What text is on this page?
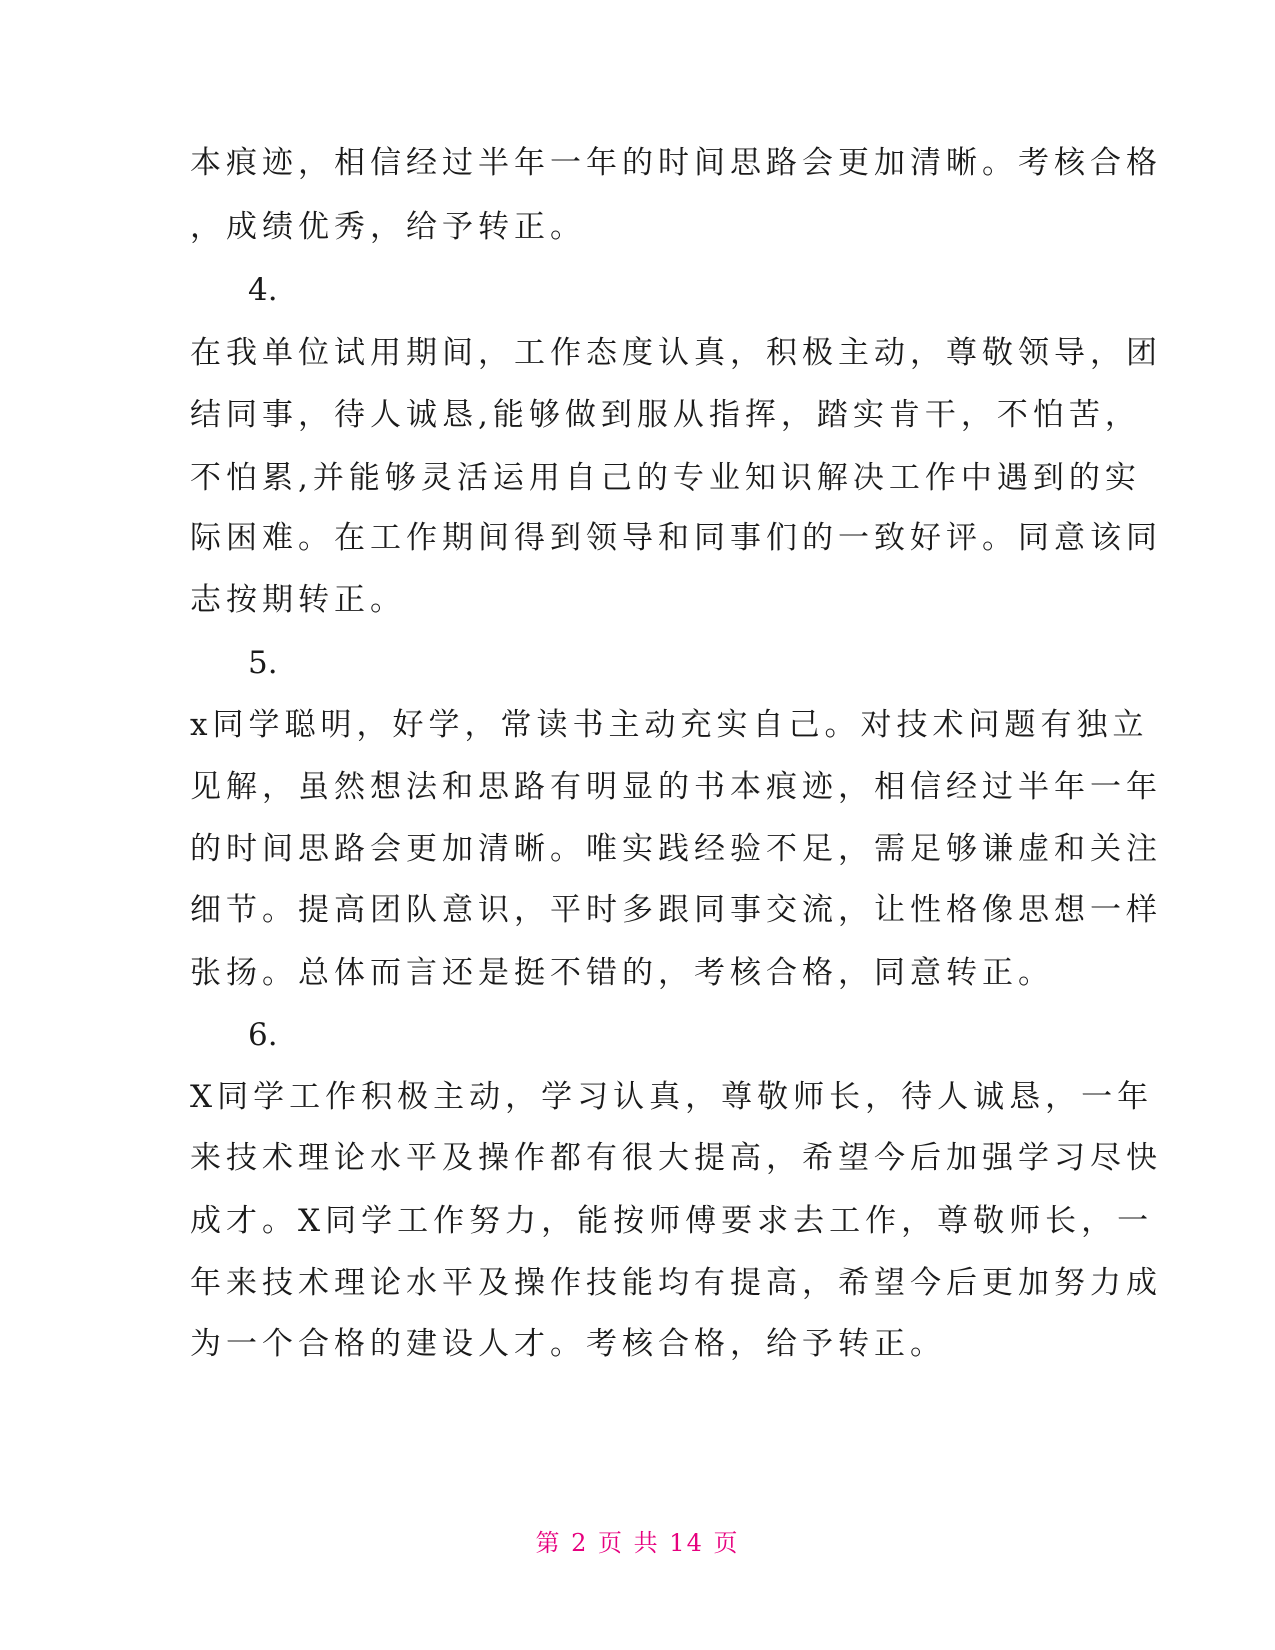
本痕迹，相信经过半年一年的时间思路会更加清晰。考核合格
，成绩优秀，给予转正。
4.
在我单位试用期间，工作态度认真，积极主动，尊敬领导，团
结同事，待人诚恳,能够做到服从指挥，踏实肯干，不怕苦，
不怕累,并能够灵活运用自己的专业知识解决工作中遇到的实
际困难。在工作期间得到领导和同事们的一致好评。同意该同
志按期转正。
5.
x同学聪明，好学，常读书主动充实自己。对技术问题有独立
见解，虽然想法和思路有明显的书本痕迹，相信经过半年一年
的时间思路会更加清晰。唯实践经验不足，需足够谦虚和关注
细节。提高团队意识，平时多跟同事交流，让性格像思想一样
张扬。总体而言还是挺不错的，考核合格，同意转正。
6.
X同学工作积极主动，学习认真，尊敬师长，待人诚恳，一年
来技术理论水平及操作都有很大提高，希望今后加强学习尽快
成才。X同学工作努力，能按师傅要求去工作，尊敬师长，一
年来技术理论水平及操作技能均有提高，希望今后更加努力成
为一个合格的建设人才。考核合格，给予转正。
第 2 页 共 14 页
